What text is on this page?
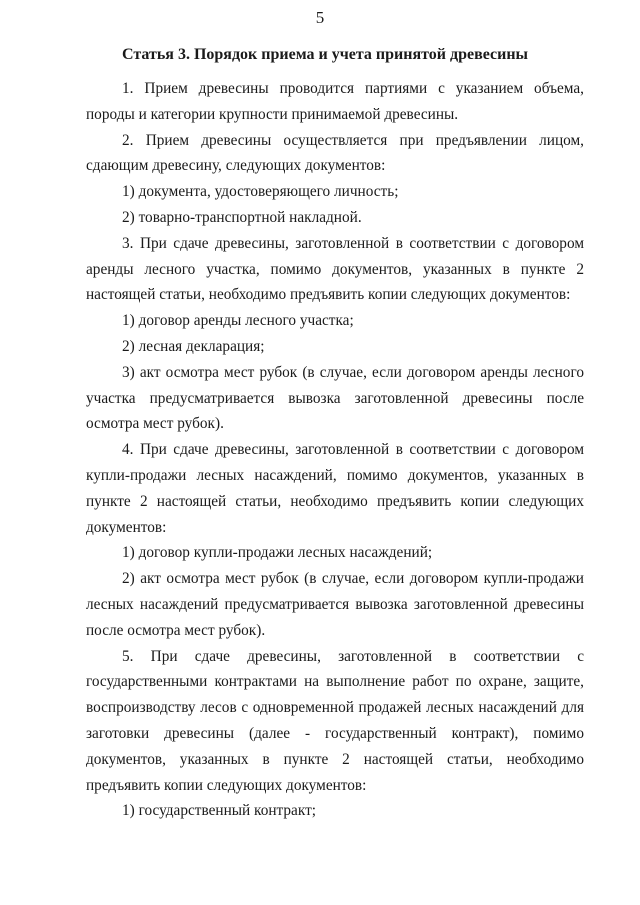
5
Статья 3. Порядок приема и учета принятой древесины

1. Прием древесины проводится партиями с указанием объема, породы и категории крупности принимаемой древесины.

2. Прием древесины осуществляется при предъявлении лицом, сдающим древесину, следующих документов:

1) документа, удостоверяющего личность;

2) товарно-транспортной накладной.

3. При сдаче древесины, заготовленной в соответствии с договором аренды лесного участка, помимо документов, указанных в пункте 2 настоящей статьи, необходимо предъявить копии следующих документов:

1) договор аренды лесного участка;

2) лесная декларация;

3) акт осмотра мест рубок (в случае, если договором аренды лесного участка предусматривается вывозка заготовленной древесины после осмотра мест рубок).

4. При сдаче древесины, заготовленной в соответствии с договором купли-продажи лесных насаждений, помимо документов, указанных в пункте 2 настоящей статьи, необходимо предъявить копии следующих документов:

1) договор купли-продажи лесных насаждений;

2) акт осмотра мест рубок (в случае, если договором купли-продажи лесных насаждений предусматривается вывозка заготовленной древесины после осмотра мест рубок).

5. При сдаче древесины, заготовленной в соответствии с государственными контрактами на выполнение работ по охране, защите, воспроизводству лесов с одновременной продажей лесных насаждений для заготовки древесины (далее - государственный контракт), помимо документов, указанных в пункте 2 настоящей статьи, необходимо предъявить копии следующих документов:

1) государственный контракт;
